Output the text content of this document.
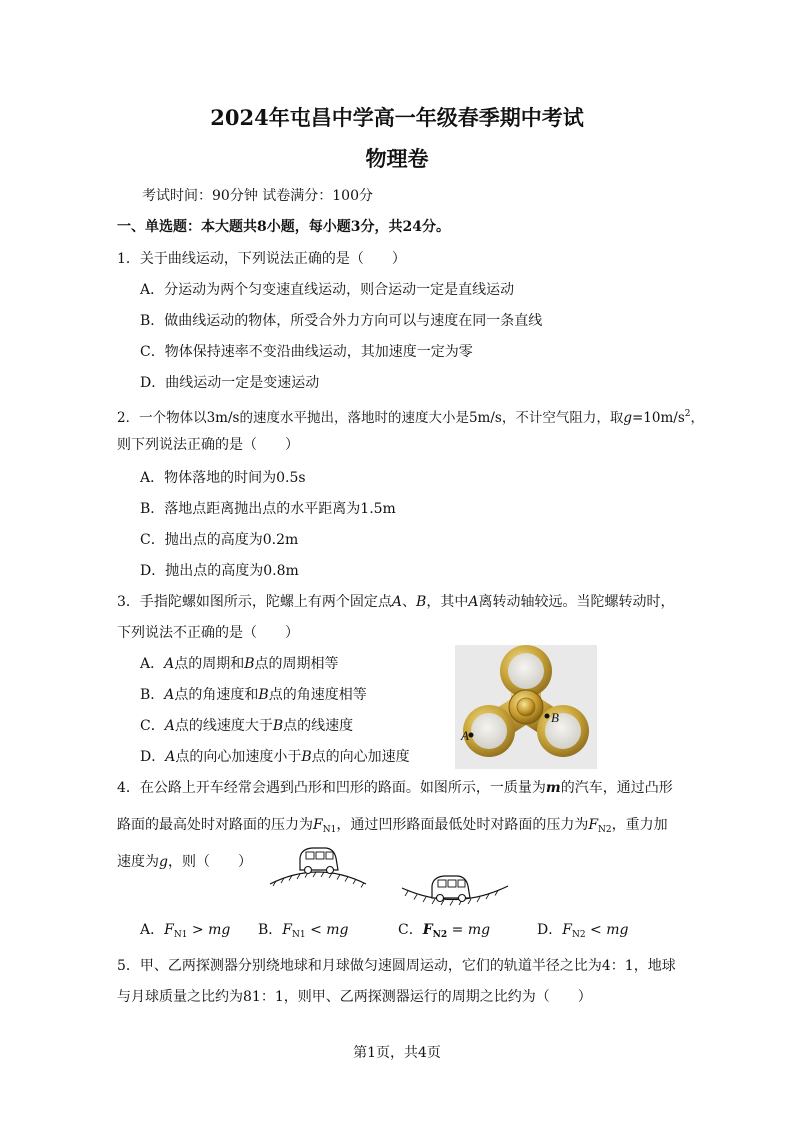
2024年屯昌中学高一年级春季期中考试
物理卷
考试时间：90分钟 试卷满分：100分
一、单选题：本大题共8小题，每小题3分，共24分。
1．关于曲线运动，下列说法正确的是（　　）
A．分运动为两个匀变速直线运动，则合运动一定是直线运动
B．做曲线运动的物体，所受合外力方向可以与速度在同一条直线
C．物体保持速率不变沿曲线运动，其加速度一定为零
D．曲线运动一定是变速运动
2．一个物体以3m/s的速度水平抛出，落地时的速度大小是5m/s，不计空气阻力，取$g=10m/s^2$，
则下列说法正确的是（　　）
A．物体落地的时间为0.5s
B．落地点距离抛出点的水平距离为1.5m
C．抛出点的高度为0.2m
D．抛出点的高度为0.8m
3．手指陀螺如图所示，陀螺上有两个固定点A、B，其中A离转动轴较远。当陀螺转动时，
下列说法不正确的是（　　）
A．A点的周期和B点的周期相等
B．A点的角速度和B点的角速度相等
C．A点的线速度大于B点的线速度
D．A点的向心加速度小于B点的向心加速度
B
A
4．在公路上开车经常会遇到凸形和凹形的路面。如图所示，一质量为m的汽车，通过凸形
路面的最高处时对路面的压力为$F_{N1}$，通过凹形路面最低处时对路面的压力为$F_{N2}$，重力加
速度为g，则（　　）
A．$F_{N1}$ > mg B．$F_{N1}$ < mg	C．$F_{N2}$ = mg	D．$F_{N2}$ < mg
5．甲、乙两探测器分别绕地球和月球做匀速圆周运动，它们的轨道半径之比为4：1，地球
与月球质量之比约为81：1，则甲、乙两探测器运行的周期之比约为（　　）
第1页，共4页
